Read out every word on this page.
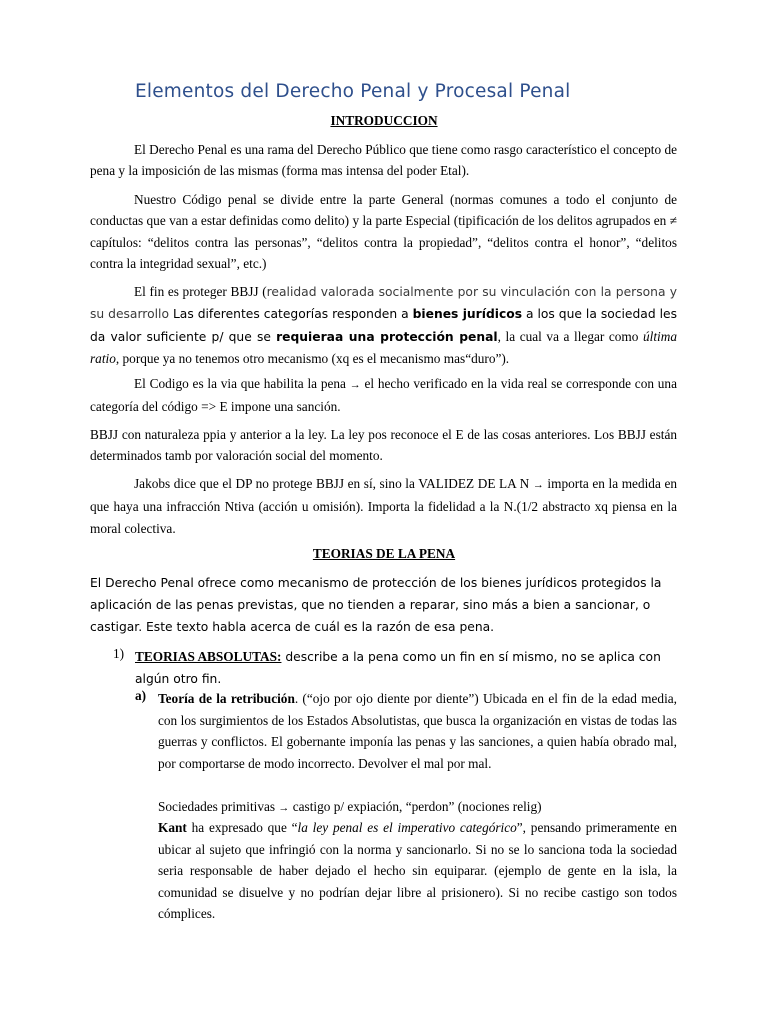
Elementos del Derecho Penal y Procesal Penal
INTRODUCCION
El Derecho Penal es una rama del Derecho Público que tiene como rasgo característico el concepto de pena y la imposición de las mismas (forma mas intensa del poder Etal).
Nuestro Código penal se divide entre la parte General (normas comunes a todo el conjunto de conductas que van a estar definidas como delito) y la parte Especial (tipificación de los delitos agrupados en ≠ capítulos: “delitos contra las personas”, “delitos contra la propiedad”, “delitos contra el honor”, “delitos contra la integridad sexual”, etc.)
El fin es proteger BBJJ (realidad valorada socialmente por su vinculación con la persona y su desarrollo Las diferentes categorías responden a bienes jurídicos a los que la sociedad les da valor suficiente p/ que se requieraa una protección penal, la cual va a llegar como última ratio, porque ya no tenemos otro mecanismo (xq es el mecanismo mas“duro”).
El Codigo es la via que habilita la pena → el hecho verificado en la vida real se corresponde con una categoría del código => E impone una sanción.
BBJJ con naturaleza ppia y anterior a la ley. La ley pos reconoce el E de las cosas anteriores. Los BBJJ están determinados tamb por valoración social del momento.
Jakobs dice que el DP no protege BBJJ en sí, sino la VALIDEZ DE LA N → importa en la medida en que haya una infracción Ntiva (acción u omisión). Importa la fidelidad a la N.(1/2 abstracto xq piensa en la moral colectiva.
TEORIAS DE LA PENA
El Derecho Penal ofrece como mecanismo de protección de los bienes jurídicos protegidos la aplicación de las penas previstas, que no tienden a reparar, sino más a bien a sancionar, o castigar. Este texto habla acerca de cuál es la razón de esa pena.
1) TEORIAS ABSOLUTAS: describe a la pena como un fin en sí mismo, no se aplica con algún otro fin.
a) Teoría de la retribución. (“ojo por ojo diente por diente”) Ubicada en el fin de la edad media, con los surgimientos de los Estados Absolutistas, que busca la organización en vistas de todas las guerras y conflictos. El gobernante imponía las penas y las sanciones, a quien había obrado mal, por comportarse de modo incorrecto. Devolver el mal por mal.
Sociedades primitivas → castigo p/ expiación, “perdon” (nociones relig)
Kant ha expresado que “la ley penal es el imperativo categórico”, pensando primeramente en ubicar al sujeto que infringió con la norma y sancionarlo. Si no se lo sanciona toda la sociedad seria responsable de haber dejado el hecho sin equiparar. (ejemplo de gente en la isla, la comunidad se disuelve y no podrían dejar libre al prisionero). Si no recibe castigo son todos cómplices.
